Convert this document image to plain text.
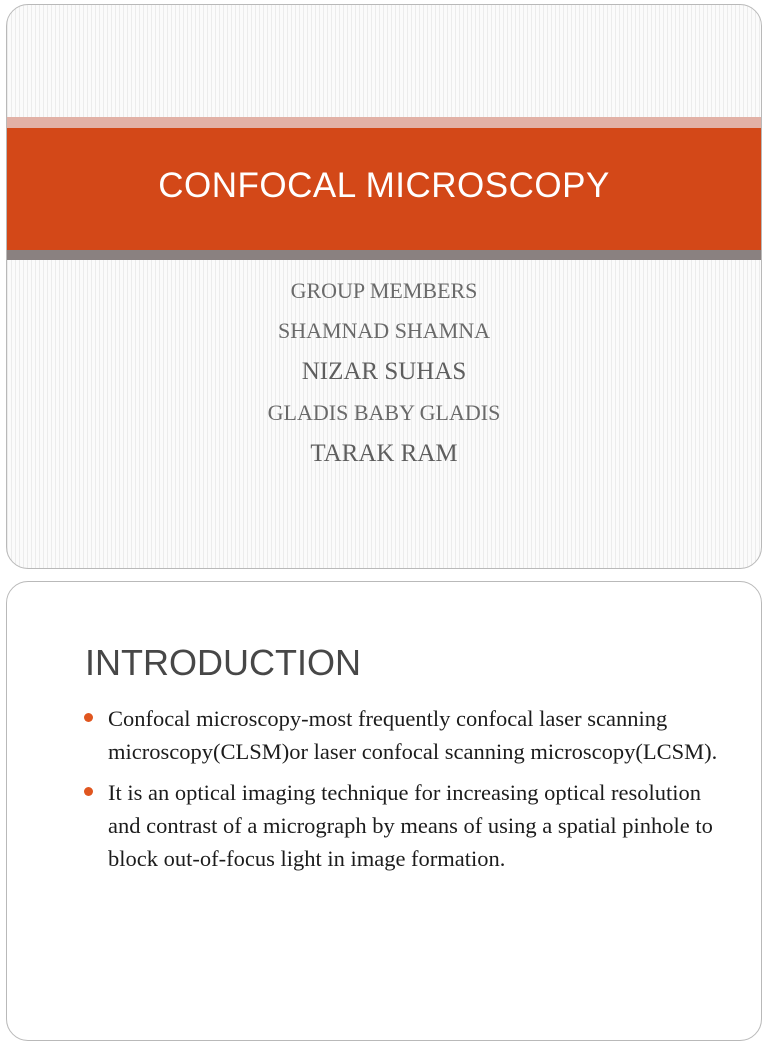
CONFOCAL MICROSCOPY
GROUP MEMBERS
SHAMNAD SHAMNA
NIZAR SUHAS
GLADIS BABY GLADIS
TARAK RAM
INTRODUCTION
Confocal microscopy-most frequently confocal laser scanning microscopy(CLSM)or laser confocal scanning microscopy(LCSM).
It is an optical imaging technique for increasing optical resolution and contrast of a micrograph by means of using a spatial pinhole to block out-of-focus light in image formation.
